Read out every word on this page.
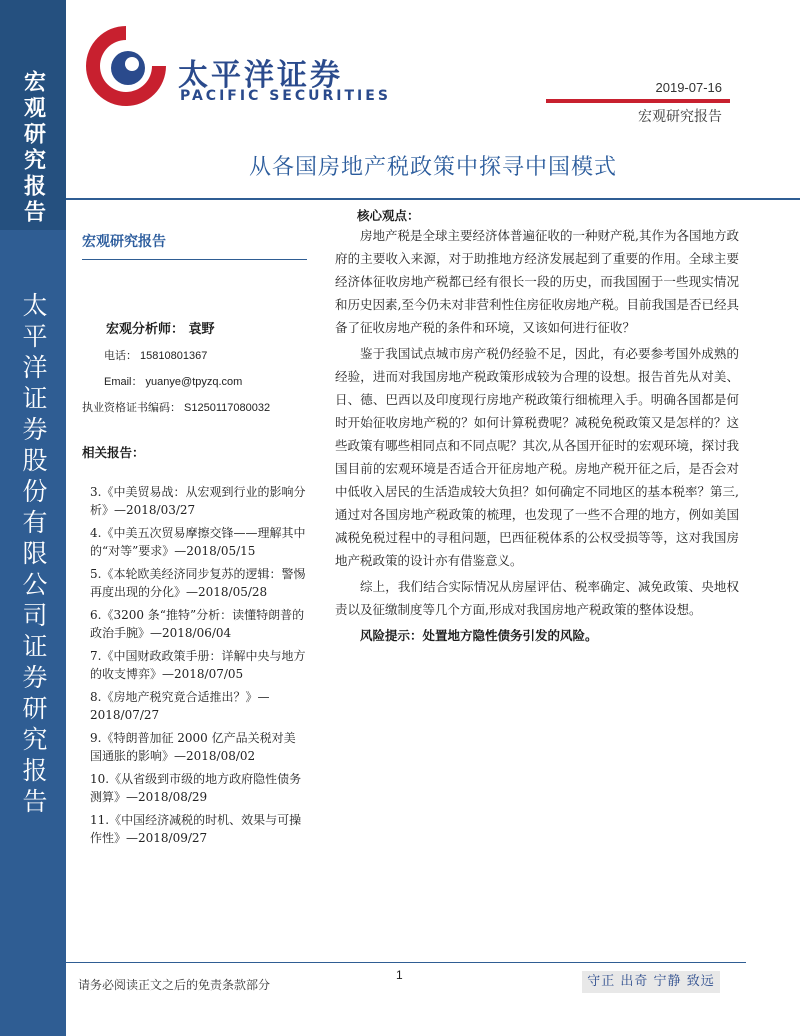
宏观研究报告
太平洋证券股份有限公司证券研究报告
太平洋证券
PACIFIC SECURITIES
2019-07-16
宏观研究报告
从各国房地产税政策中探寻中国模式
宏观研究报告
宏观分析师： 袁野
电话： 15810801367
Email： yuanye@tpyzq.com
执业资格证书编码： S1250117080032
相关报告：
3.《中美贸易战：从宏观到行业的影响分析》—2018/03/27
4.《中美五次贸易摩擦交锋——理解其中的“对等”要求》—2018/05/15
5.《本轮欧美经济同步复苏的逻辑：警惕再度出现的分化》—2018/05/28
6.《3200 条“推特”分析：读懂特朗普的政治手腕》—2018/06/04
7.《中国财政政策手册：详解中央与地方的收支博弈》—2018/07/05
8.《房地产税究竟合适推出？》—2018/07/27
9.《特朗普加征 2000 亿产品关税对美国通胀的影响》—2018/08/02
10.《从省级到市级的地方政府隐性债务测算》—2018/08/29
11.《中国经济减税的时机、效果与可操作性》—2018/09/27
核心观点：

房地产税是全球主要经济体普遍征收的一种财产税,其作为各国地方政府的主要收入来源，对于助推地方经济发展起到了重要的作用。全球主要经济体征收房地产税都已经有很长一段的历史，而我国囿于一些现实情况和历史因素,至今仍未对非营利性住房征收房地产税。目前我国是否已经具备了征收房地产税的条件和环境，又该如何进行征收？

鉴于我国试点城市房产税仍经验不足，因此，有必要参考国外成熟的经验，进而对我国房地产税政策形成较为合理的设想。报告首先从对美、日、德、巴西以及印度现行房地产税政策行细梳理入手。明确各国都是何时开始征收房地产税的？如何计算税费呢？减税免税政策又是怎样的？这些政策有哪些相同点和不同点呢？其次,从各国开征时的宏观环境，探讨我国目前的宏观环境是否适合开征房地产税。房地产税开征之后，是否会对中低收入居民的生活造成较大负担？如何确定不同地区的基本税率？第三,通过对各国房地产税政策的梳理，也发现了一些不合理的地方，例如美国减税免税过程中的寻租问题，巴西征税体系的公权受损等等，这对我国房地产税政策的设计亦有借鉴意义。

综上，我们结合实际情况从房屋评估、税率确定、减免政策、央地权责以及征缴制度等几个方面,形成对我国房地产税政策的整体设想。

风险提示：处置地方隐性债务引发的风险。
1
请务必阅读正文之后的免责条款部分	守正 出奇 宁静 致远
